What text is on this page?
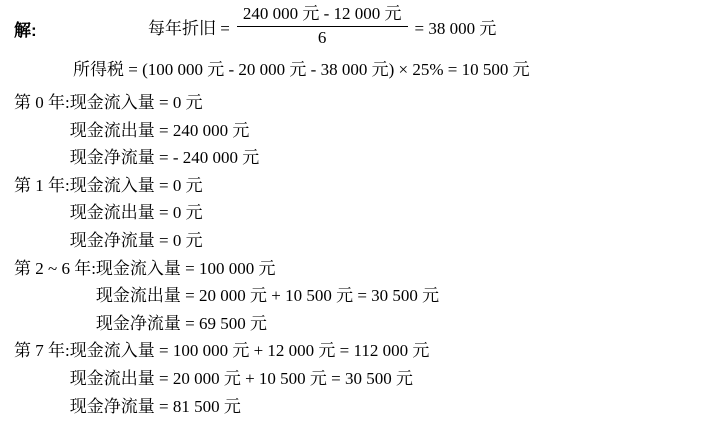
解:	每年折旧 = $\frac{\text{240 000 元 - 12 000 元}}{6} = 38$ 000 元
所得税 = (100 000 元 - 20 000 元 - 38 000 元) × 25% = 10 500 元
第 0 年: 现金流入量 = 0 元
现金流出量 = 240 000 元
现金净流量 = - 240 000 元
第 1 年: 现金流入量 = 0 元
现金流出量 = 0 元
现金净流量 = 0 元
第 2 ~ 6 年: 现金流入量 = 100 000 元
现金流出量 = 20 000 元 + 10 500 元 = 30 500 元
现金净流量 = 69 500 元
第 7 年: 现金流入量 = 100 000 元 + 12 000 元 = 112 000 元
现金流出量 = 20 000 元 + 10 500 元 = 30 500 元
现金净流量 = 81 500 元
